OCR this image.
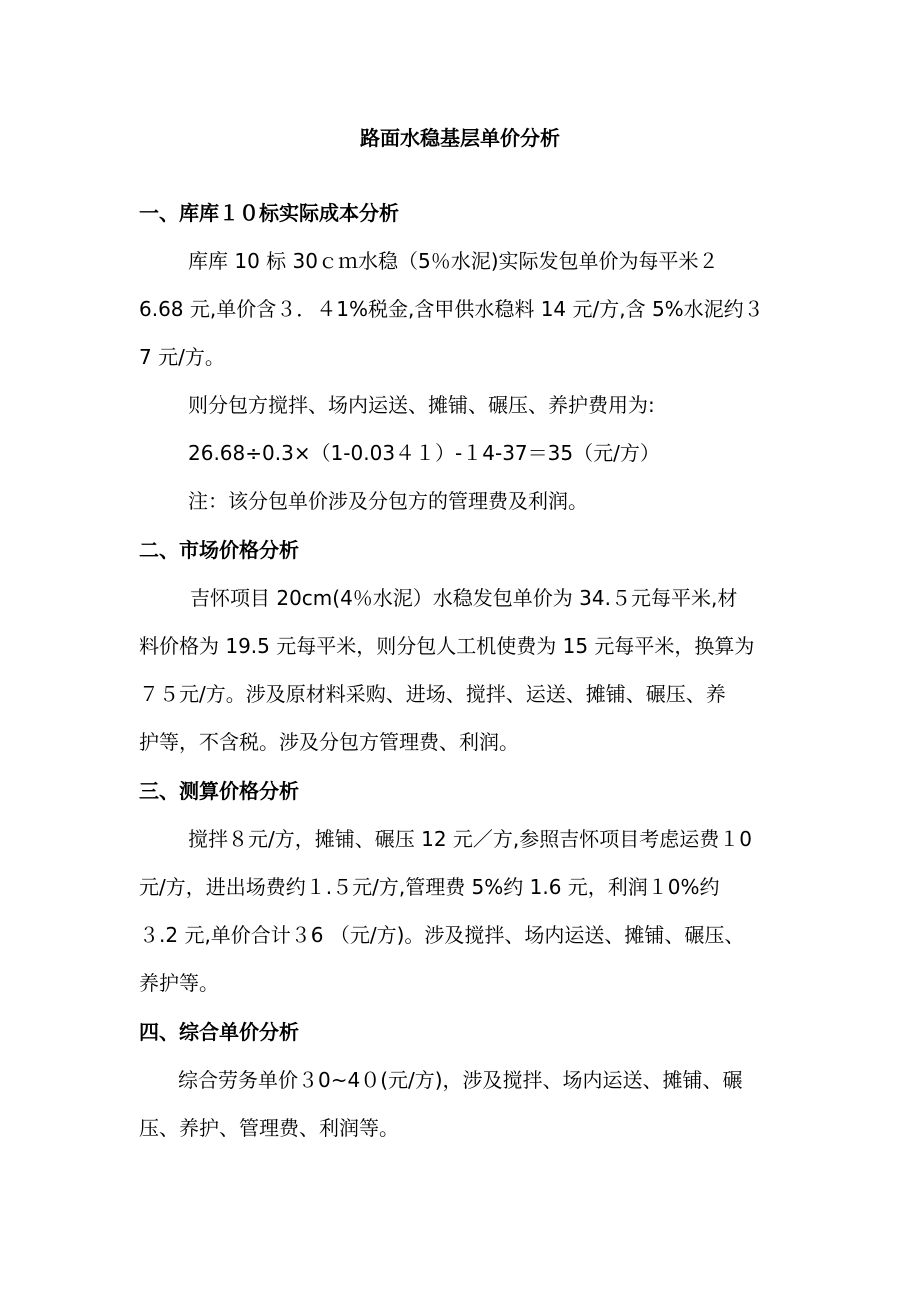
路面水稳基层单价分析
一、库库１０标实际成本分析
库库 10 标 30ｃｍ水稳（5％水泥)实际发包单价为每平米２
6.68 元,单价含３．４1%税金,含甲供水稳料 14 元/方,含 5%水泥约３
7 元/方。
则分包方搅拌、场内运送、摊铺、碾压、养护费用为:
26.68÷0.3×（1-0.03４１）-１4-37＝35（元/方）
注：该分包单价涉及分包方的管理费及利润。
二、市场价格分析
吉怀项目 20cm(4％水泥）水稳发包单价为 34.５元每平米,材
料价格为 19.5 元每平米，则分包人工机使费为 15 元每平米，换算为
７５元/方。涉及原材料采购、进场、搅拌、运送、摊铺、碾压、养
护等，不含税。涉及分包方管理费、利润。
三、测算价格分析
搅拌８元/方，摊铺、碾压 12 元／方,参照吉怀项目考虑运费１0
元/方，进出场费约１.５元/方,管理费 5%约 1.6 元，利润１0%约
３.2 元,单价合计３6 （元/方)。涉及搅拌、场内运送、摊铺、碾压、
养护等。
四、综合单价分析
综合劳务单价３0~4０(元/方)，涉及搅拌、场内运送、摊铺、碾
压、养护、管理费、利润等。
